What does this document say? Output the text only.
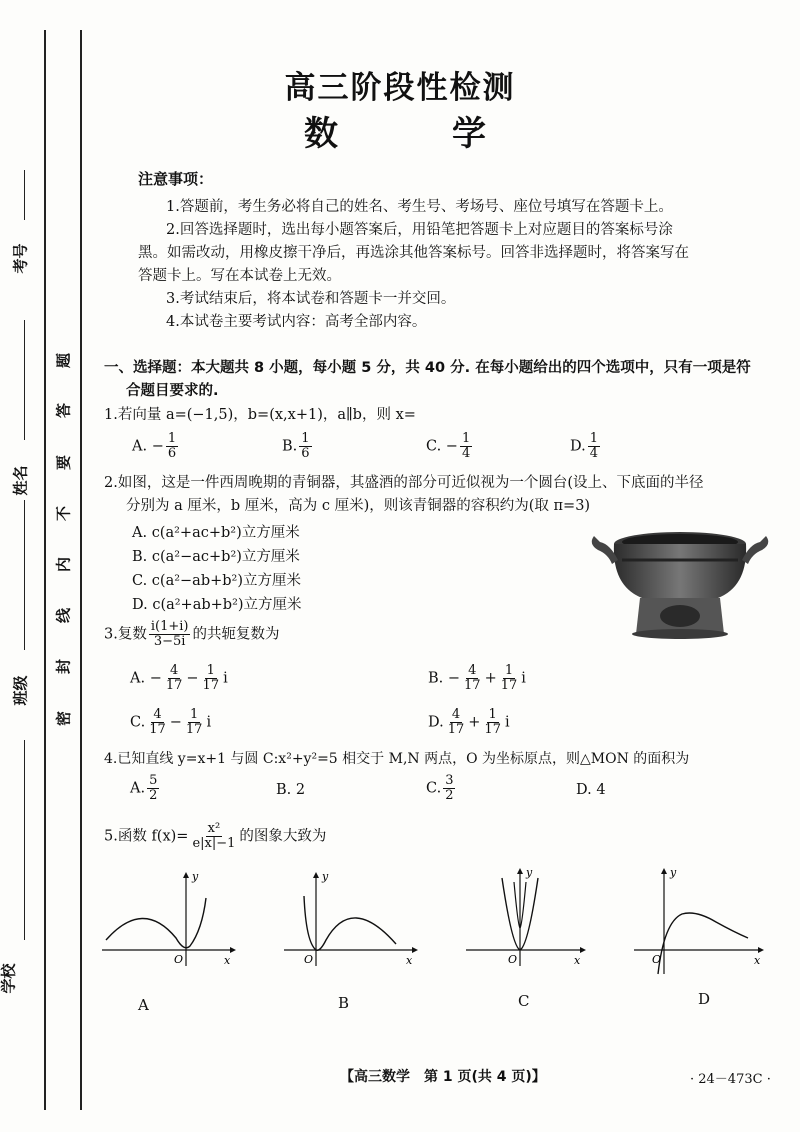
考号
姓名
班级
学校
题
答
要
不
内
线
封
密
高三阶段性检测
数　学
注意事项：
1.答题前，考生务必将自己的姓名、考生号、考场号、座位号填写在答题卡上。
2.回答选择题时，选出每小题答案后，用铅笔把答题卡上对应题目的答案标号涂
黑。如需改动，用橡皮擦干净后，再选涂其他答案标号。回答非选择题时，将答案写在
答题卡上。写在本试卷上无效。
3.考试结束后，将本试卷和答题卡一并交回。
4.本试卷主要考试内容：高考全部内容。
一、选择题：本大题共 8 小题，每小题 5 分，共 40 分. 在每小题给出的四个选项中，只有一项是符
合题目要求的.
1.若向量 a=(−1,5)，b=(x,x+1)，a∥b，则 x=
A. − $\frac{1}{6}$	B. $\frac{1}{6}$	C. − $\frac{1}{4}$	D. $\frac{1}{4}$
2.如图，这是一件西周晚期的青铜器，其盛酒的部分可近似视为一个圆台(设上、下底面的半径
分别为 a 厘米，b 厘米，高为 c 厘米)，则该青铜器的容积约为(取 π=3)
A. c(a²+ac+b²)立方厘米
B. c(a²−ac+b²)立方厘米
C. c(a²−ab+b²)立方厘米
D. c(a²+ab+b²)立方厘米
3.复数 $\frac{i(1+i)}{3-5i}$ 的共轭复数为
A. − $\frac{4}{17} - \frac{1}{17}$ i	B. − $\frac{4}{17} + \frac{1}{17}$ i
C. $\frac{4}{17} - \frac{1}{17}$ i	D. $\frac{4}{17} + \frac{1}{17}$ i
4.已知直线 y=x+1 与圆 C:x²+y²=5 相交于 M,N 两点，O 为坐标原点，则△MON 的面积为
A. $\frac{5}{2}$	B. 2	C. $\frac{3}{2}$	D. 4
5.函数 $f(x)= \frac{\text{x²}}{e|x|-1}$ 的图象大致为
O	x
y
O	x
y
O	x
y
O	x
y
A	B	C	D
【高三数学　第 1 页(共 4 页)】	· 24－473C ·
